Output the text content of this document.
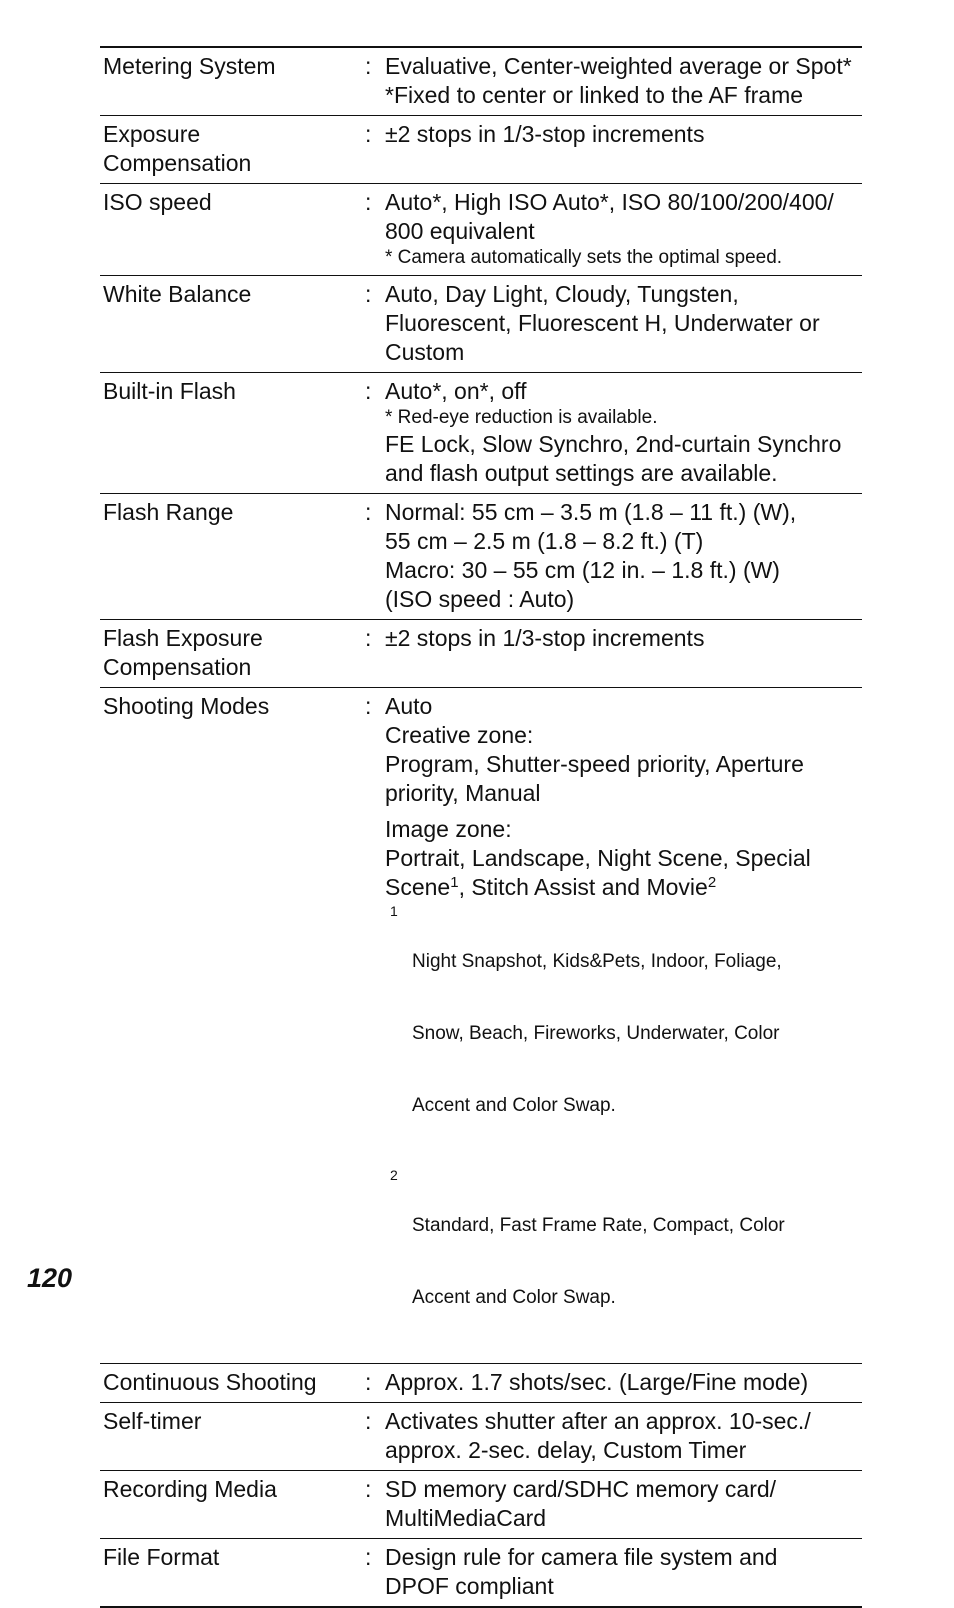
Metering System	: Evaluative, Center-weighted average or Spot*
*Fixed to center or linked to the AF frame
Exposure
Compensation
: ±2 stops in 1/3-stop increments
ISO speed	: Auto*, High ISO Auto*, ISO 80/100/200/400/
800 equivalent
* Camera automatically sets the optimal speed.
White Balance	: Auto, Day Light, Cloudy, Tungsten,
Fluorescent, Fluorescent H, Underwater or
Custom
Built-in Flash	: Auto*, on*, off
* Red-eye reduction is available.
FE Lock, Slow Synchro, 2nd-curtain Synchro
and flash output settings are available.
Flash Range	: Normal: 55 cm – 3.5 m (1.8 – 11 ft.) (W),
55 cm – 2.5 m (1.8 – 8.2 ft.) (T)
Macro: 30 – 55 cm (12 in. – 1.8 ft.) (W)
(ISO speed : Auto)
Flash Exposure
Compensation
: ±2 stops in 1/3-stop increments
Shooting Modes	: Auto
Creative zone:
Program, Shutter-speed priority, Aperture
priority, Manual
Image zone:
Portrait, Landscape, Night Scene, Special
Scene$^1$, Stitch Assist and Movie$^2$
1

Night Snapshot, Kids&Pets, Indoor, Foliage,

Snow, Beach, Fireworks, Underwater, Color

Accent and Color Swap.

2

Standard, Fast Frame Rate, Compact, Color

Accent and Color Swap.

Continuous Shooting	: Approx. 1.7 shots/sec. (Large/Fine mode)
Self-timer	: Activates shutter after an approx. 10-sec./
approx. 2-sec. delay, Custom Timer
Recording Media	: SD memory card/SDHC memory card/
MultiMediaCard
File Format	: Design rule for camera file system and
DPOF compliant
120
